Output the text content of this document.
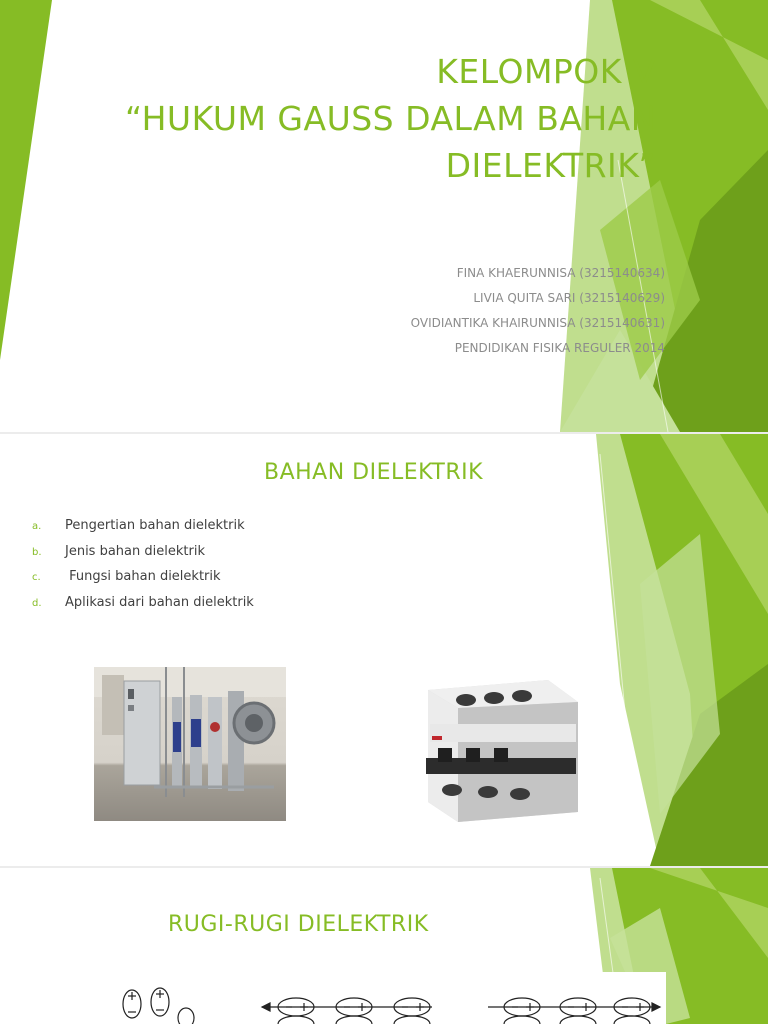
KELOMPOK V
“HUKUM GAUSS DALAM BAHAN
DIELEKTRIK”
FINA KHAERUNNISA (3215140634)
LIVIA QUITA SARI (3215140629)
OVIDIANTIKA KHAIRUNNISA (3215140631)
PENDIDIKAN FISIKA REGULER 2014
BAHAN DIELEKTRIK
a. Pengertian bahan dielektrik
b. Jenis bahan dielektrik
c. Fungsi bahan dielektrik
d. Aplikasi dari bahan dielektrik
RUGI-RUGI DIELEKTRIK
